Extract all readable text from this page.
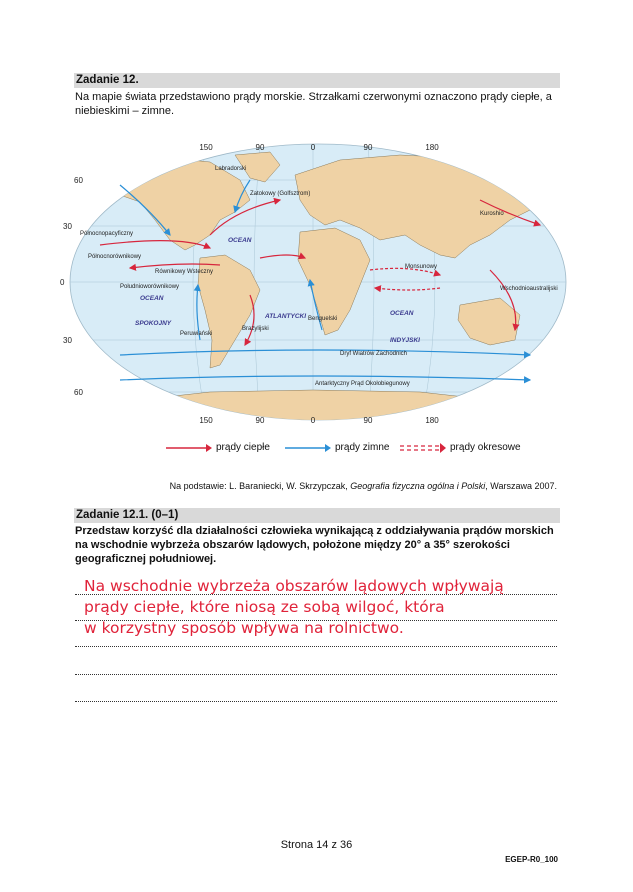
Zadanie 12.
Na mapie świata przedstawiono prądy morskie. Strzałkami czerwonymi oznaczono prądy ciepłe, a niebieskimi – zimne.
150	90	0	90	180
150	90	0	90	180
60
30
0
30
60
OCEAN
SPOKOJNY
OCEAN
ATLANTYCKI	OCEAN
INDYJSKI
Labradorski
Zatokowy (Golfsztrom)
Północnopacyficzny
Północnorównikowy
Równikowy Wsteczny
Południoworównikowy
Benguelski
Peruwiański
Brazylijski
Dryf Wiatrów Zachodnich
Antarktyczny Prąd Okołobiegunowy
Kuroshio
Wschodnioaustralijski
Monsunowy
prądy ciepłe	prądy zimne	prądy okresowe
Na podstawie: L. Baraniecki, W. Skrzypczak, Geografia fizyczna ogólna i Polski, Warszawa 2007.
Zadanie 12.1. (0–1)
Przedstaw korzyść dla działalności człowieka wynikającą z oddziaływania prądów morskich na wschodnie wybrzeża obszarów lądowych, położone między 20° a 35° szerokości geograficznej południowej.
Na wschodnie wybrzeża obszarów lądowych wpływają
prądy ciepłe, które niosą ze sobą wilgoć, która
w korzystny sposób wpływa na rolnictwo.
Strona 14 z 36
EGEP-R0_100
